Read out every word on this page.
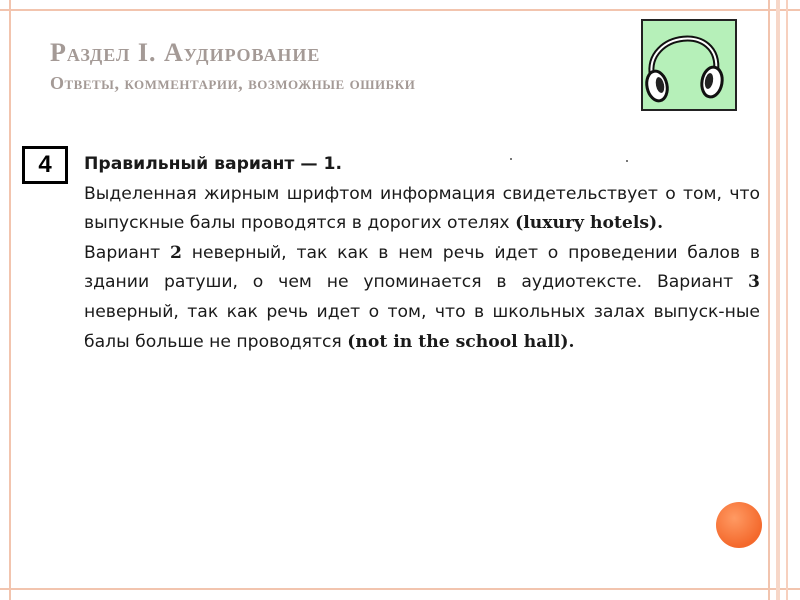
Раздел I. Аудирование
Ответы, комментарии, возможные ошибки
4	Правильный вариант — 1.

Выделенная жирным шрифтом информация свидетельствует о том, что выпускные балы проводятся в дорогих отелях (luxury hotels).

Вариант 2 неверный, так как в нем речь идет о проведении балов в здании ратуши, о чем не упоминается в аудиотексте. Вариант 3 неверный, так как речь идет о том, что в школьных залах выпуск-ные балы больше не проводятся (not in the school hall).
